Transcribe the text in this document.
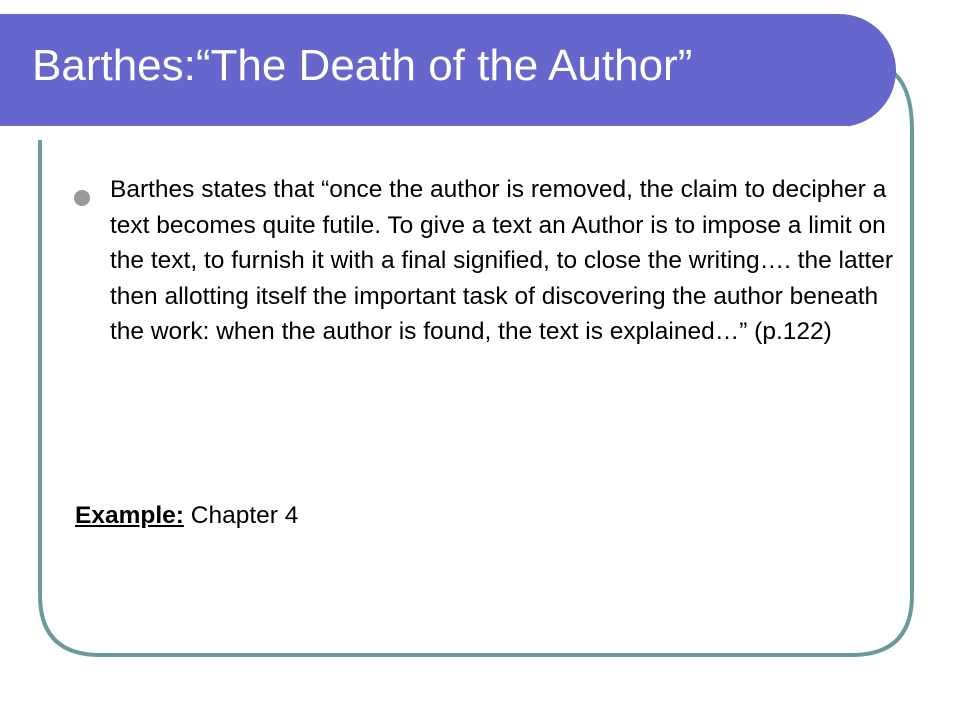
Barthes:“The Death of the Author”

Barthes states that “once the author is removed, the claim to decipher a text becomes quite futile. To give a text an Author is to impose a limit on the text, to furnish it with a final signified, to close the writing…. the latter then allotting itself the important task of discovering the author beneath the work: when the author is found, the text is explained…” (p.122)

Example: Chapter 4
